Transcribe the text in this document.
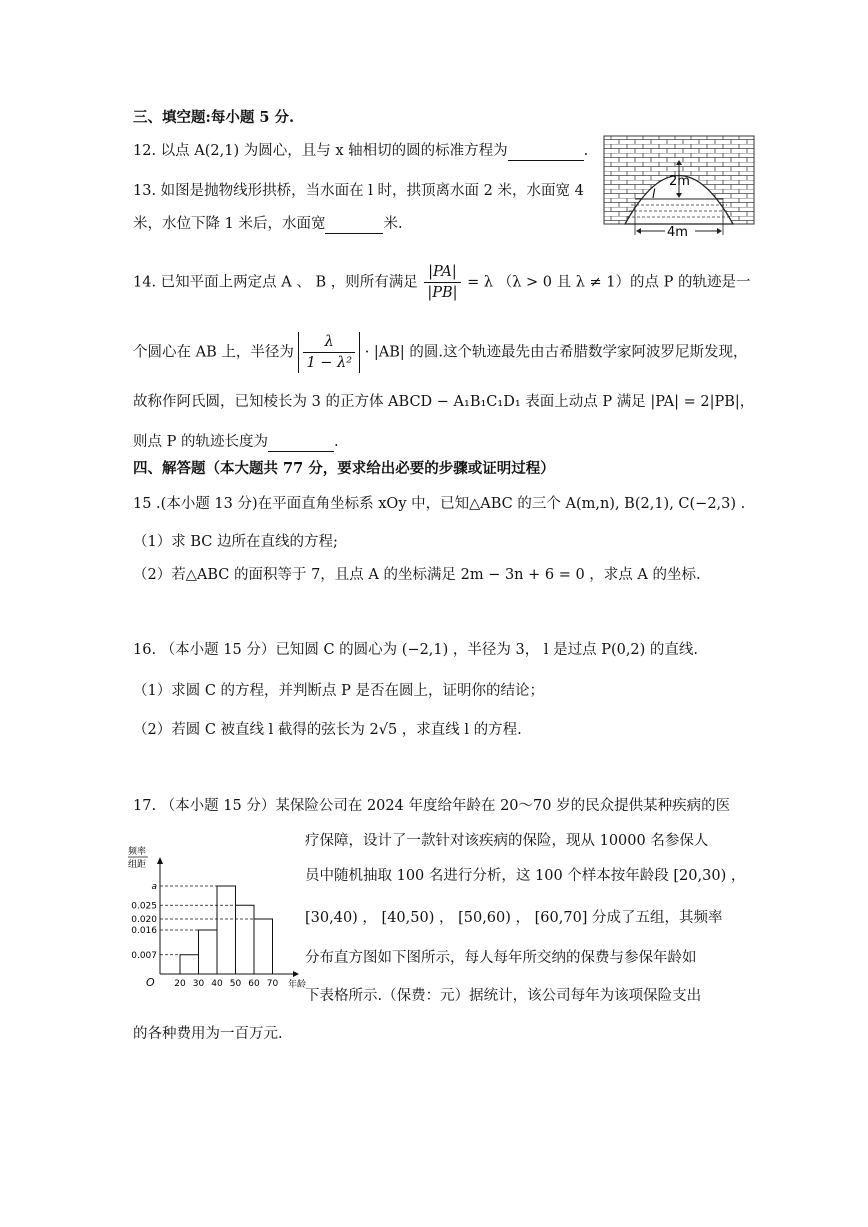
三、填空题:每小题 5 分.
12. 以点 A(2,1) 为圆心，且与 x 轴相切的圆的标准方程为	.
13. 如图是抛物线形拱桥，当水面在 l 时，拱顶离水面 2 米，水面宽 4
米，水位下降 1 米后，水面宽	米.
2m
l
4m
14. 已知平面上两定点 A 、 B ，则所有满足 $\frac{|PA|}{|PB|} = \lambda$ （λ > 0 且 λ ≠ 1）的点 P 的轨迹是一
个圆心在 AB 上，半径为 $\frac{\lambda}{\text{1 − λ²}} \cdot |AB|$ 的圆.这个轨迹最先由古希腊数学家阿波罗尼斯发现，
故称作阿氏圆，已知棱长为 3 的正方体 ABCD − A₁B₁C₁D₁ 表面上动点 P 满足 |PA| = 2|PB|，
则点 P 的轨迹长度为	.
四、解答题（本大题共 77 分，要求给出必要的步骤或证明过程）
15 .(本小题 13 分)在平面直角坐标系 xOy 中，已知△ABC 的三个 A(m,n), B(2,1), C(−2,3) .
（1）求 BC 边所在直线的方程;
（2）若△ABC 的面积等于 7，且点 A 的坐标满足 2m − 3n + 6 = 0 ，求点 A 的坐标.
16. （本小题 15 分）已知圆 C 的圆心为 (−2,1) ，半径为 3， l 是过点 P(0,2) 的直线.
（1）求圆 C 的方程，并判断点 P 是否在圆上，证明你的结论；
（2）若圆 C 被直线 l 截得的弦长为 2√5 ，求直线 l 的方程.
17. （本小题 15 分）某保险公司在 2024 年度给年龄在 20～70 岁的民众提供某种疾病的医
疗保障，设计了一款针对该疾病的保险，现从 10000 名参保人
员中随机抽取 100 名进行分析，这 100 个样本按年龄段 [20,30) ，
[30,40) ， [40,50) ， [50,60) ， [60,70] 分成了五组，其频率
分布直方图如下图所示，每人每年所交纳的保费与参保年龄如
下表格所示.（保费：元）据统计，该公司每年为该项保险支出
的各种费用为一百万元.
频率
组距
O
0.007
0.016
0.020
0.025
a
20 30 40 50 60 70 年龄
